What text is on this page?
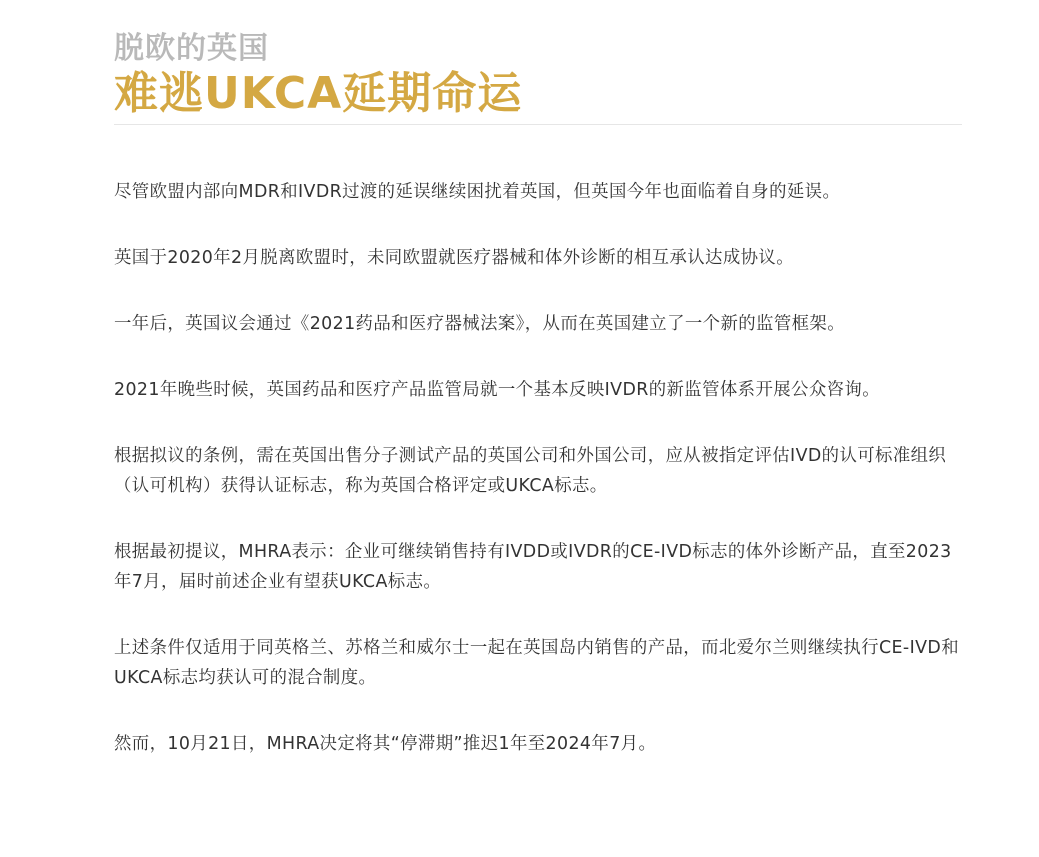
脱欧的英国
难逃UKCA延期命运

尽管欧盟内部向MDR和IVDR过渡的延误继续困扰着英国，但英国今年也面临着自身的延误。

英国于2020年2月脱离欧盟时，未同欧盟就医疗器械和体外诊断的相互承认达成协议。

一年后，英国议会通过《2021药品和医疗器械法案》，从而在英国建立了一个新的监管框架。

2021年晚些时候，英国药品和医疗产品监管局就一个基本反映IVDR的新监管体系开展公众咨询。

根据拟议的条例，需在英国出售分子测试产品的英国公司和外国公司，应从被指定评估IVD的认可标准组织（认可机构）获得认证标志，称为英国合格评定或UKCA标志。

根据最初提议，MHRA表示：企业可继续销售持有IVDD或IVDR的CE-IVD标志的体外诊断产品，直至2023年7月，届时前述企业有望获UKCA标志。

上述条件仅适用于同英格兰、苏格兰和威尔士一起在英国岛内销售的产品，而北爱尔兰则继续执行CE-IVD和UKCA标志均获认可的混合制度。

然而，10月21日，MHRA决定将其“停滞期”推迟1年至2024年7月。
